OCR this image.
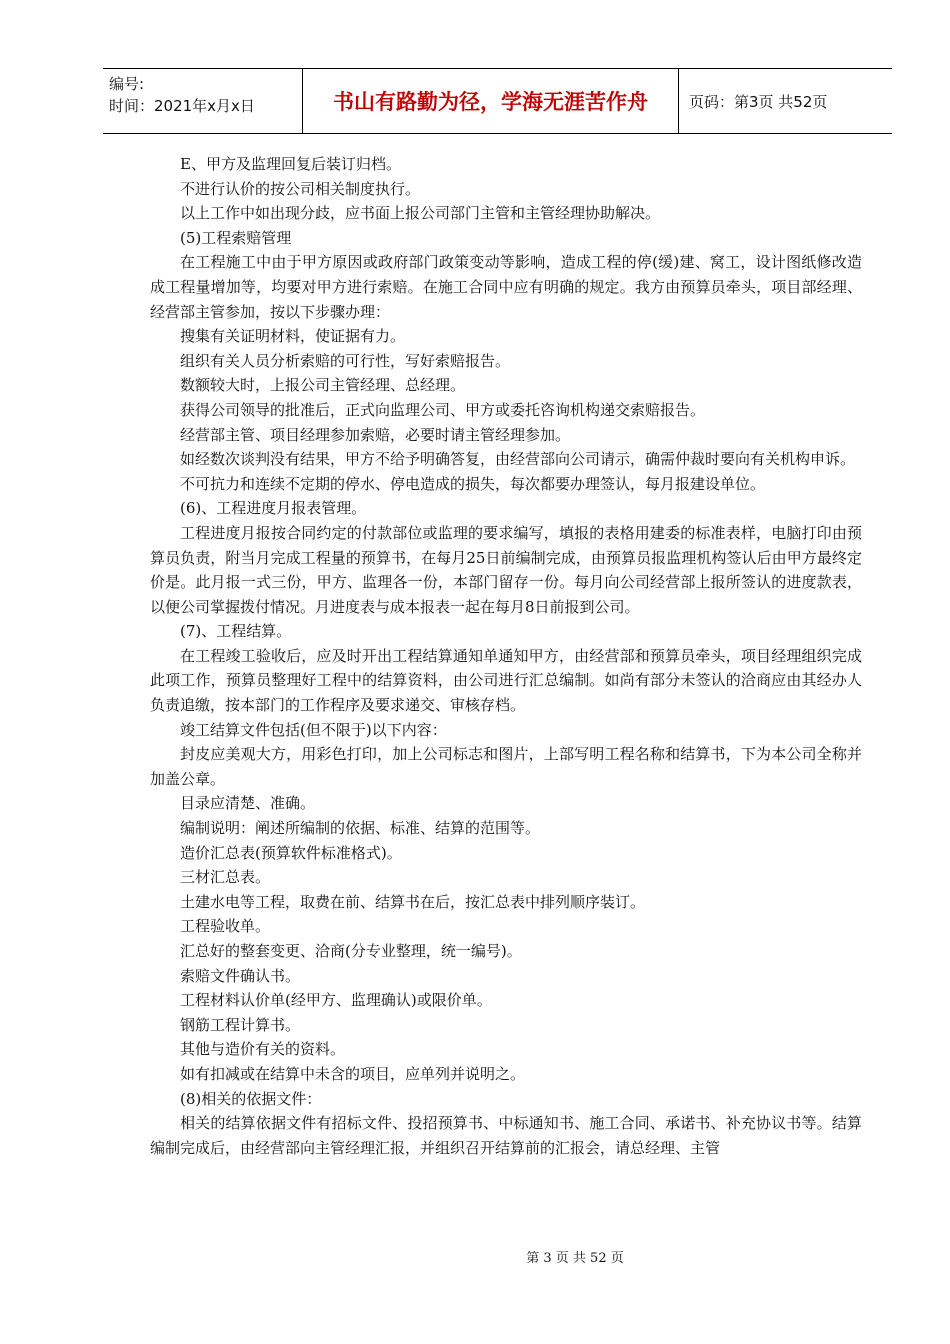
编号:
时间：2021年x月x日	书山有路勤为径，学海无涯苦作舟	页码：第3页 共52页

E、甲方及监理回复后装订归档。

不进行认价的按公司相关制度执行。

以上工作中如出现分歧，应书面上报公司部门主管和主管经理协助解决。

(5)工程索赔管理

在工程施工中由于甲方原因或政府部门政策变动等影响，造成工程的停(缓)建、窝工，设计图纸修改造成工程量增加等，均要对甲方进行索赔。在施工合同中应有明确的规定。我方由预算员牵头，项目部经理、经营部主管参加，按以下步骤办理：

搜集有关证明材料，使证据有力。

组织有关人员分析索赔的可行性，写好索赔报告。

数额较大时，上报公司主管经理、总经理。

获得公司领导的批准后，正式向监理公司、甲方或委托咨询机构递交索赔报告。

经营部主管、项目经理参加索赔，必要时请主管经理参加。

如经数次谈判没有结果，甲方不给予明确答复，由经营部向公司请示，确需仲裁时要向有关机构申诉。

不可抗力和连续不定期的停水、停电造成的损失，每次都要办理签认，每月报建设单位。

(6)、工程进度月报表管理。

工程进度月报按合同约定的付款部位或监理的要求编写，填报的表格用建委的标准表样，电脑打印由预算员负责，附当月完成工程量的预算书，在每月25日前编制完成，由预算员报监理机构签认后由甲方最终定价是。此月报一式三份，甲方、监理各一份，本部门留存一份。每月向公司经营部上报所签认的进度款表，以便公司掌握拨付情况。月进度表与成本报表一起在每月8日前报到公司。

(7)、工程结算。

在工程竣工验收后，应及时开出工程结算通知单通知甲方，由经营部和预算员牵头，项目经理组织完成此项工作，预算员整理好工程中的结算资料，由公司进行汇总编制。如尚有部分未签认的洽商应由其经办人负责追缴，按本部门的工作程序及要求递交、审核存档。

竣工结算文件包括(但不限于)以下内容：

封皮应美观大方，用彩色打印，加上公司标志和图片，上部写明工程名称和结算书，下为本公司全称并加盖公章。

目录应清楚、准确。

编制说明：阐述所编制的依据、标准、结算的范围等。

造价汇总表(预算软件标准格式)。

三材汇总表。

土建水电等工程，取费在前、结算书在后，按汇总表中排列顺序装订。

工程验收单。

汇总好的整套变更、洽商(分专业整理，统一编号)。

索赔文件确认书。

工程材料认价单(经甲方、监理确认)或限价单。

钢筋工程计算书。

其他与造价有关的资料。

如有扣减或在结算中未含的项目，应单列并说明之。

(8)相关的依据文件：

相关的结算依据文件有招标文件、投招预算书、中标通知书、施工合同、承诺书、补充协议书等。结算编制完成后，由经营部向主管经理汇报，并组织召开结算前的汇报会，请总经理、主管

第 3 页 共 52 页
